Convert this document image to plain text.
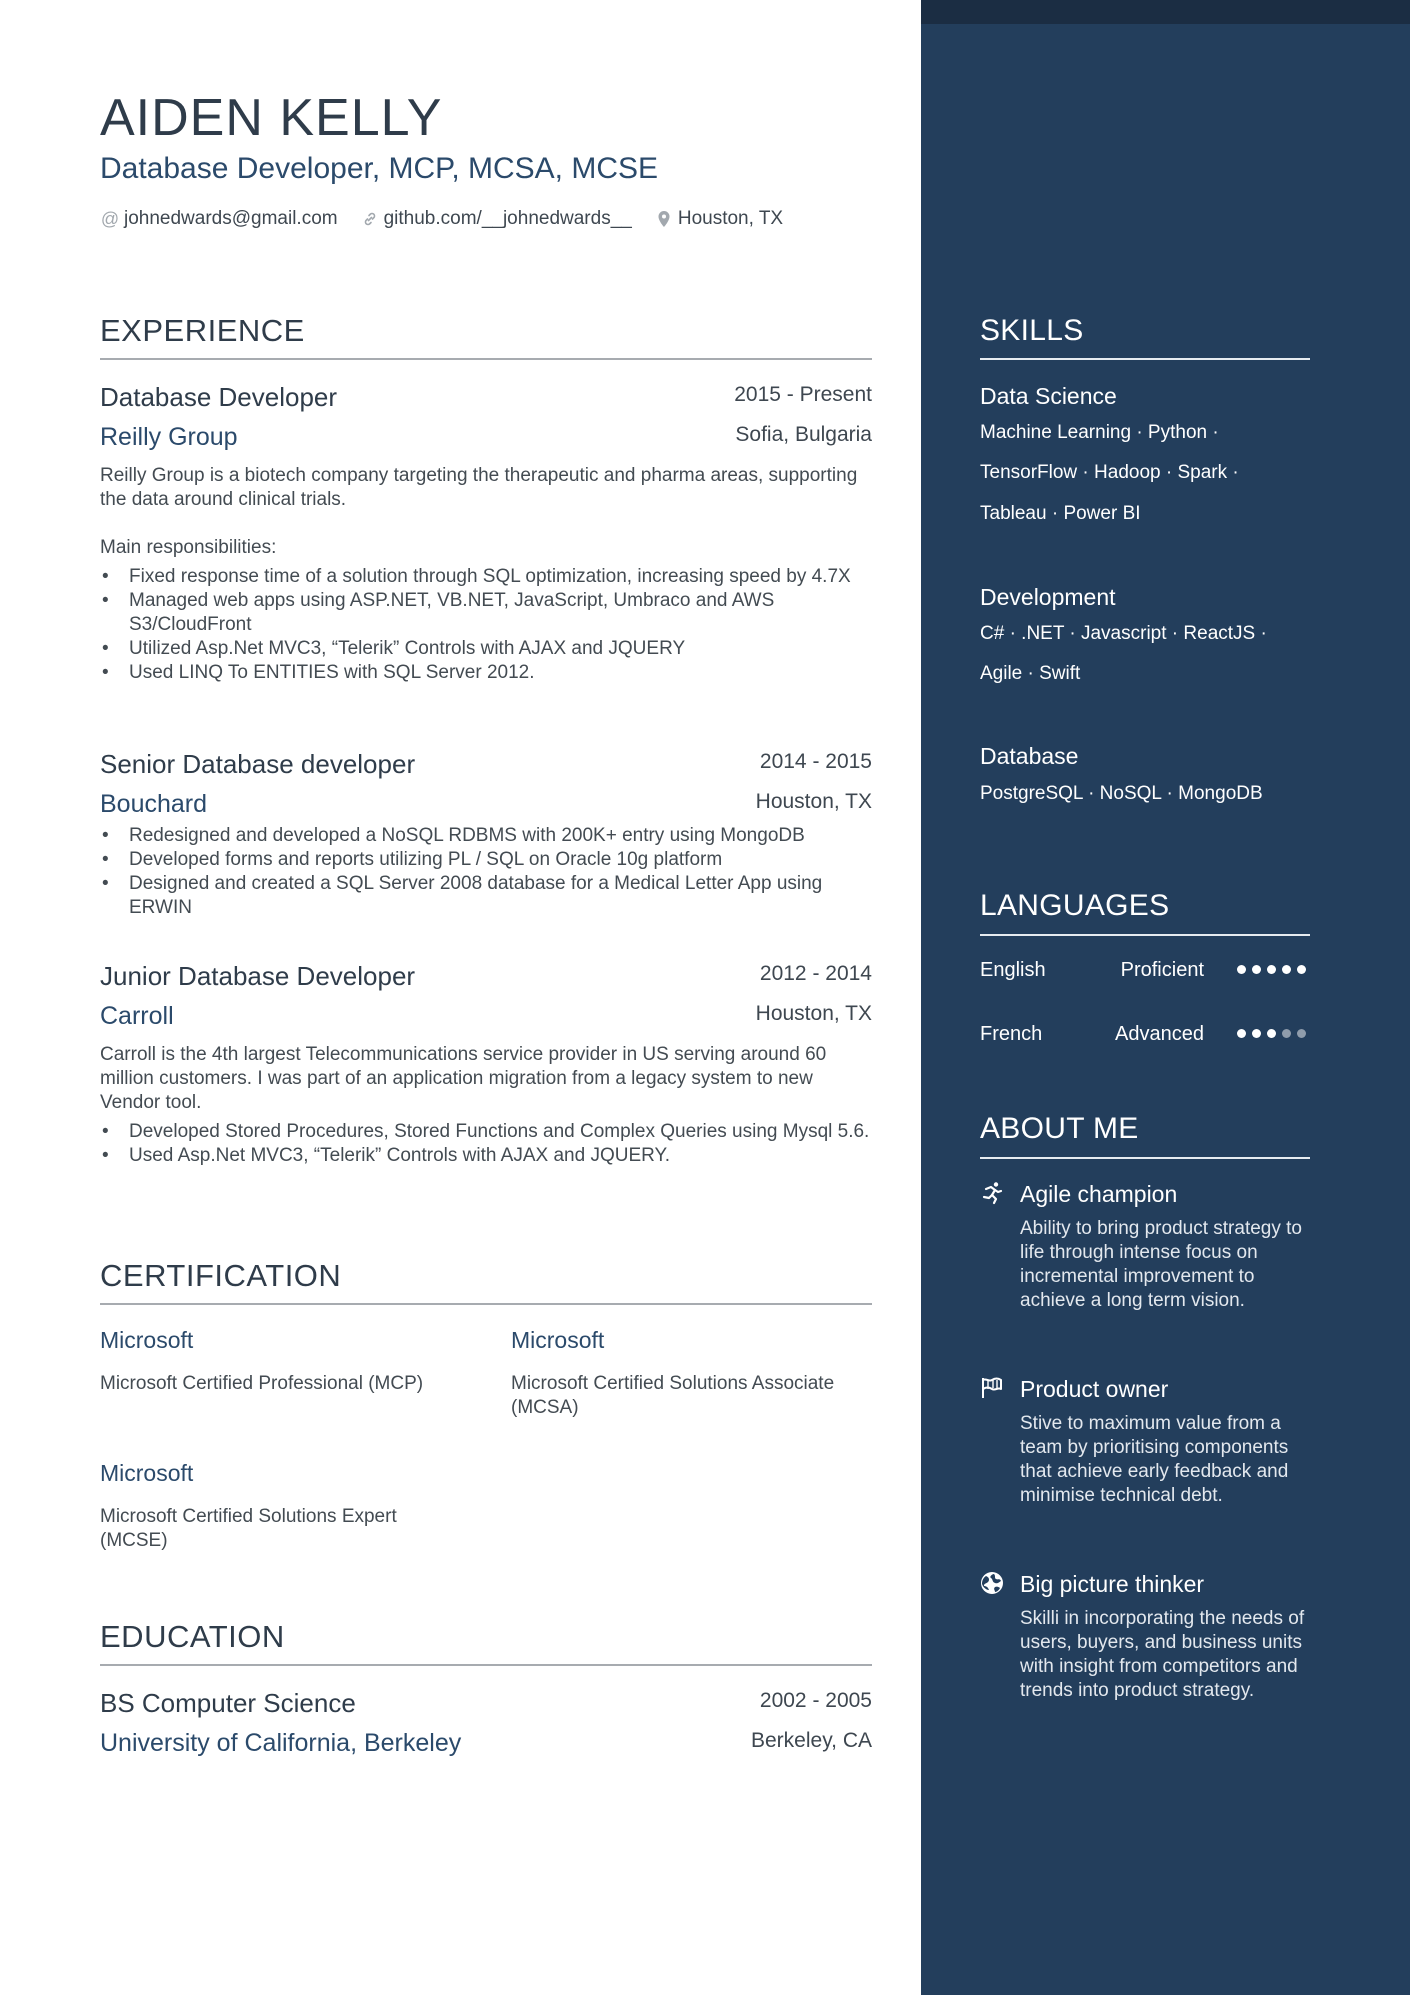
AIDEN KELLY
Database Developer, MCP, MCSA, MCSE
@ johnedwards@gmail.com github.com/__johnedwards__ Houston, TX
EXPERIENCE
Database Developer	2015 - Present
Reilly Group	Sofia, Bulgaria
Reilly Group is a biotech company targeting the therapeutic and pharma areas, supporting the data around clinical trials.
Main responsibilities:
• Fixed response time of a solution through SQL optimization, increasing speed by 4.7X
• Managed web apps using ASP.NET, VB.NET, JavaScript, Umbraco and AWS S3/CloudFront
• Utilized Asp.Net MVC3, “Telerik” Controls with AJAX and JQUERY
• Used LINQ To ENTITIES with SQL Server 2012.
Senior Database developer	2014 - 2015
Bouchard	Houston, TX
• Redesigned and developed a NoSQL RDBMS with 200K+ entry using MongoDB
• Developed forms and reports utilizing PL / SQL on Oracle 10g platform
• Designed and created a SQL Server 2008 database for a Medical Letter App using ERWIN
Junior Database Developer	2012 - 2014
Carroll	Houston, TX
Carroll is the 4th largest Telecommunications service provider in US serving around 60 million customers. I was part of an application migration from a legacy system to new Vendor tool.
• Developed Stored Procedures, Stored Functions and Complex Queries using Mysql 5.6.
• Used Asp.Net MVC3, “Telerik” Controls with AJAX and JQUERY.
CERTIFICATION
Microsoft
Microsoft Certified Professional (MCP)
Microsoft
Microsoft Certified Solutions Associate (MCSA)
Microsoft
Microsoft Certified Solutions Expert (MCSE)
EDUCATION
BS Computer Science	2002 - 2005
University of California, Berkeley	Berkeley, CA
SKILLS
Data Science
Machine Learning · Python ·
TensorFlow · Hadoop · Spark ·
Tableau · Power BI
Development
C# · .NET · Javascript · ReactJS ·
Agile · Swift
Database
PostgreSQL · NoSQL · MongoDB
LANGUAGES
English	Proficient
French	Advanced
ABOUT ME
Agile champion
Ability to bring product strategy to life through intense focus on incremental improvement to achieve a long term vision.
Product owner
Stive to maximum value from a team by prioritising components that achieve early feedback and minimise technical debt.
Big picture thinker
Skilli in incorporating the needs of users, buyers, and business units with insight from competitors and trends into product strategy.
